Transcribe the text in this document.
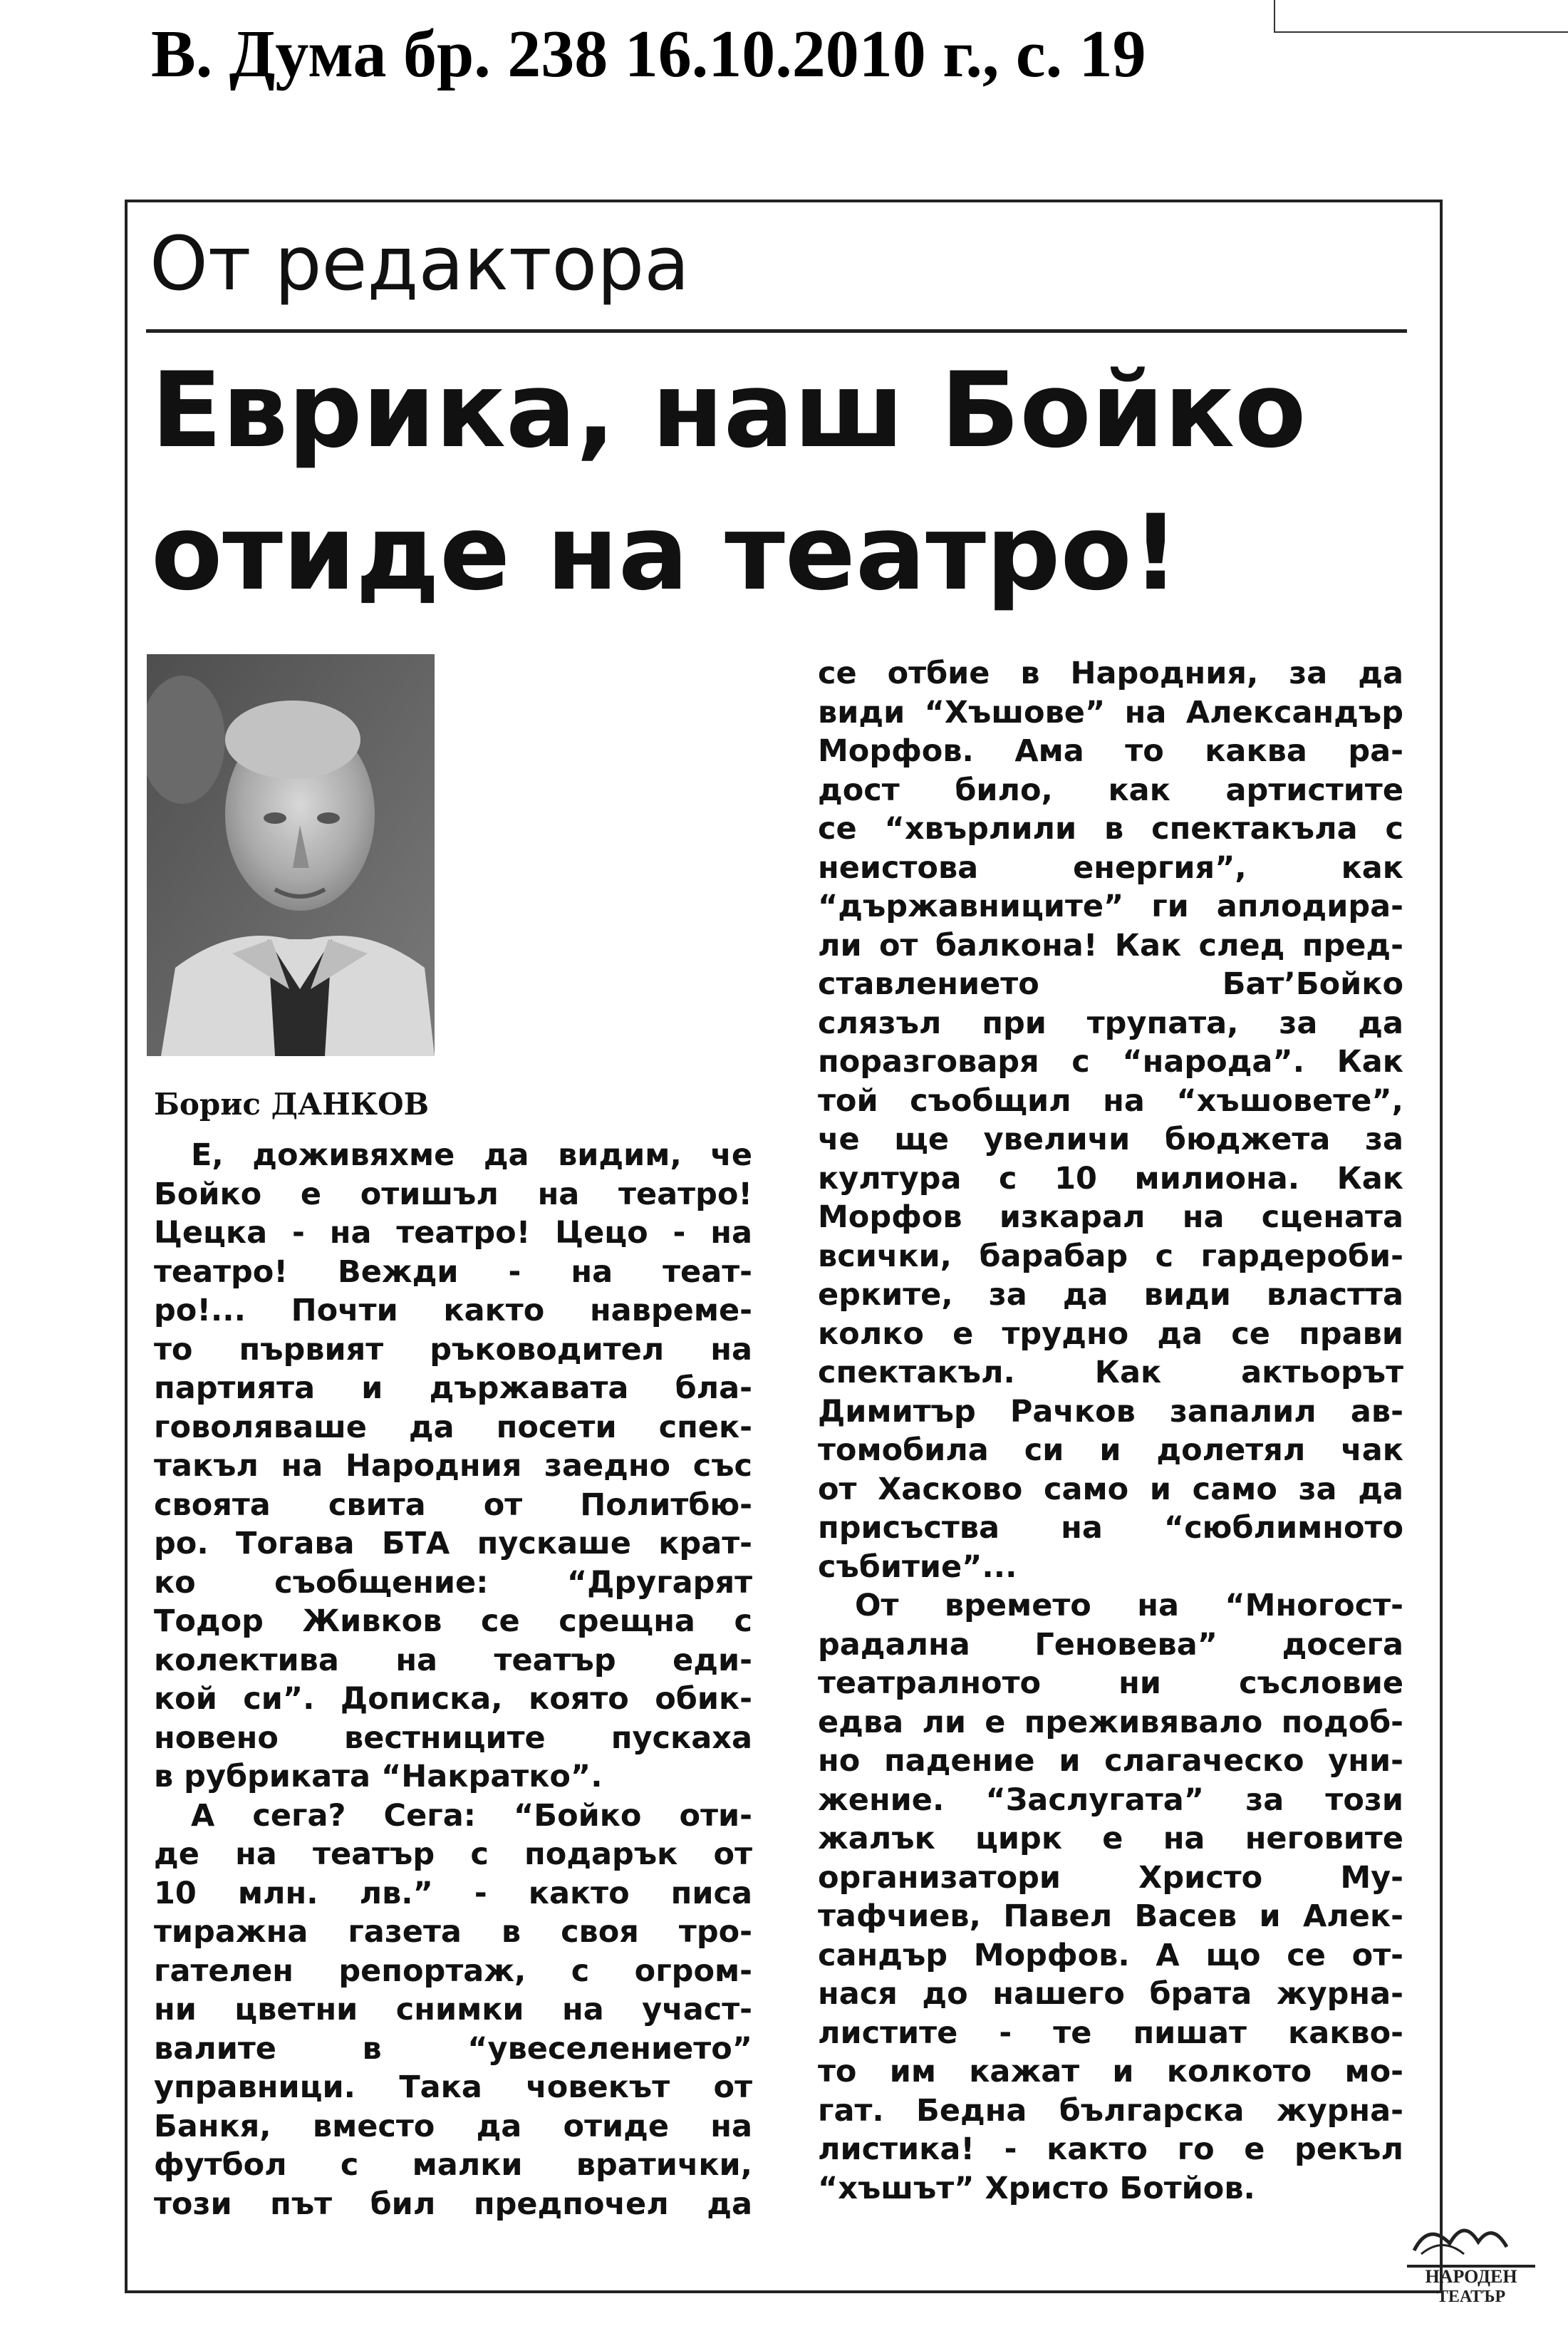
В. Дума бр. 238 16.10.2010 г., с. 19
От редактора
Еврика, наш Бойко
отиде на театро!
Борис ДАНКОВ
Е, доживяхме да видим, че
Бойко е отишъл на театро!
Цецка - на театро! Цецо - на
театро! Вежди - на теат-
ро!... Почти както навреме-
то първият ръководител на
партията и държавата бла-
говоляваше да посети спек-
такъл на Народния заедно със
своята свита от Политбю-
ро. Тогава БТА пускаше крат-
ко съобщение: “Другарят
Тодор Живков се срещна с
колектива на театър еди-
кой си”. Дописка, която обик-
новено вестниците пускаха
в рубриката “Накратко”.
А сега? Сега: “Бойко оти-
де на театър с подарък от
10 млн. лв.” - както писа
тиражна газета в своя тро-
гателен репортаж, с огром-
ни цветни снимки на участ-
валите в “увеселението”
управници. Така човекът от
Банкя, вместо да отиде на
футбол с малки вратички,
този път бил предпочел да
се отбие в Народния, за да
види “Хъшове” на Александър
Морфов. Ама то каква ра-
дост било, как артистите
се “хвърлили в спектакъла с
неистова енергия”, как
“държавниците” ги аплодира-
ли от балкона! Как след пред-
ставлението Бат’Бойко
слязъл при трупата, за да
поразговаря с “народа”. Как
той съобщил на “хъшовете”,
че ще увеличи бюджета за
култура с 10 милиона. Как
Морфов изкарал на сцената
всички, барабар с гардероби-
ерките, за да види властта
колко е трудно да се прави
спектакъл. Как актьорът
Димитър Рачков запалил ав-
томобила си и долетял чак
от Хасково само и само за да
присъства на “сюблимното
събитие”...
От времето на “Многост-
радална Геновева” досега
театралното ни съсловие
едва ли е преживявало подоб-
но падение и слагаческо уни-
жение. “Заслугата” за този
жалък цирк е на неговите
организатори Христо Му-
тафчиев, Павел Васев и Алек-
сандър Морфов. А що се от-
нася до нашего брата журна-
листите - те пишат какво-
то им кажат и колкото мо-
гат. Бедна българска журна-
листика! - както го е рекъл
“хъшът” Христо Ботйов.
НАРОДЕН
ТЕАТЪР
